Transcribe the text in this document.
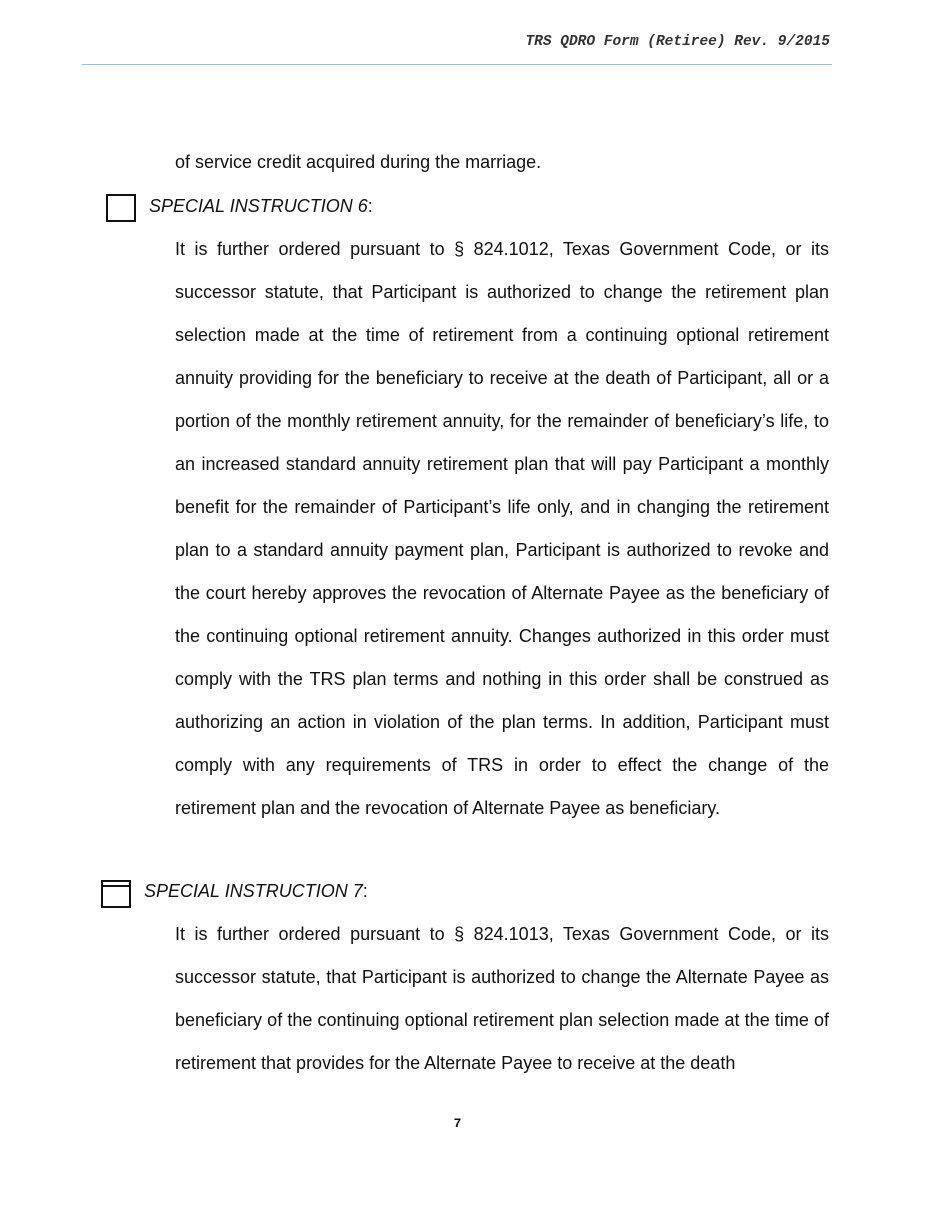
TRS QDRO Form (Retiree) Rev. 9/2015
of service credit acquired during the marriage.
SPECIAL INSTRUCTION 6:

It is further ordered pursuant to § 824.1012, Texas Government Code, or its successor statute, that Participant is authorized to change the retirement plan selection made at the time of retirement from a continuing optional retirement annuity providing for the beneficiary to receive at the death of Participant, all or a portion of the monthly retirement annuity, for the remainder of beneficiary’s life, to an increased standard annuity retirement plan that will pay Participant a monthly benefit for the remainder of Participant’s life only, and in changing the retirement plan to a standard annuity payment plan, Participant is authorized to revoke and the court hereby approves the revocation of Alternate Payee as the beneficiary of the continuing optional retirement annuity. Changes authorized in this order must comply with the TRS plan terms and nothing in this order shall be construed as authorizing an action in violation of the plan terms. In addition, Participant must comply with any requirements of TRS in order to effect the change of the retirement plan and the revocation of Alternate Payee as beneficiary.

SPECIAL INSTRUCTION 7:

It is further ordered pursuant to § 824.1013, Texas Government Code, or its successor statute, that Participant is authorized to change the Alternate Payee as beneficiary of the continuing optional retirement plan selection made at the time of retirement that provides for the Alternate Payee to receive at the death

7
